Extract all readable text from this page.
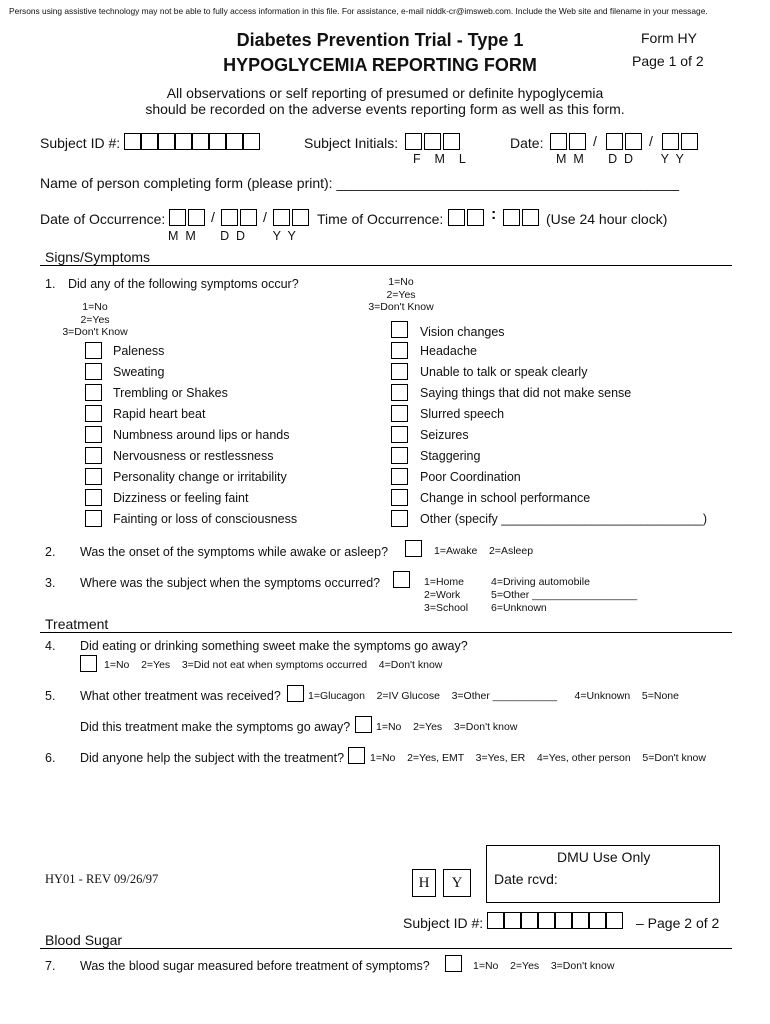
Persons using assistive technology may not be able to fully access information in this file. For assistance, e-mail niddk-cr@imsweb.com. Include the Web site and filename in your message.
Diabetes Prevention Trial - Type 1
HYPOGLYCEMIA REPORTING FORM
Form HY
Page 1 of 2
All observations or self reporting of presumed or definite hypoglycemia
should be recorded on the adverse events reporting form as well as this form.
Subject ID #:	Subject Initials:
F    M    L
Date:	/	/
M  M       D  D        Y  Y
Name of person completing form (please print): ____________________________________________
Date of Occurrence:	/	/
M  M       D  D        Y  Y
Time of Occurrence:	:	(Use 24 hour clock)
Signs/Symptoms
1. Did any of the following symptoms occur?
1=No
2=Yes
3=Don't Know
1=No
2=Yes
3=Don't Know
Paleness
Sweating
Trembling or Shakes
Rapid heart beat
Numbness around lips or hands
Nervousness or restlessness
Personality change or irritability
Dizziness or feeling faint
Fainting or loss of consciousness
Vision changes
Headache
Unable to talk or speak clearly
Saying things that did not make sense
Slurred speech
Seizures
Staggering
Poor Coordination
Change in school performance
Other (specify _____________________________)
2. Was the onset of the symptoms while awake or asleep?	1=Awake    2=Asleep
3. Where was the subject when the symptoms occurred?	1=Home
2=Work
3=School
4=Driving automobile
5=Other __________________
6=Unknown
Treatment
4. Did eating or drinking something sweet make the symptoms go away?
1=No    2=Yes    3=Did not eat when symptoms occurred    4=Don't know
5. What other treatment was received?	1=Glucagon    2=IV Glucose    3=Other ___________      4=Unknown    5=None
Did this treatment make the symptoms go away? 1=No    2=Yes    3=Don't know
6. Did anyone help the subject with the treatment? 1=No    2=Yes, EMT    3=Yes, ER    4=Yes, other person    5=Don't know
HY01 - REV 09/26/97	H	Y
DMU Use Only
Date rcvd:
Subject ID #:	– Page 2 of 2
Blood Sugar
7. Was the blood sugar measured before treatment of symptoms?	1=No    2=Yes    3=Don't know
